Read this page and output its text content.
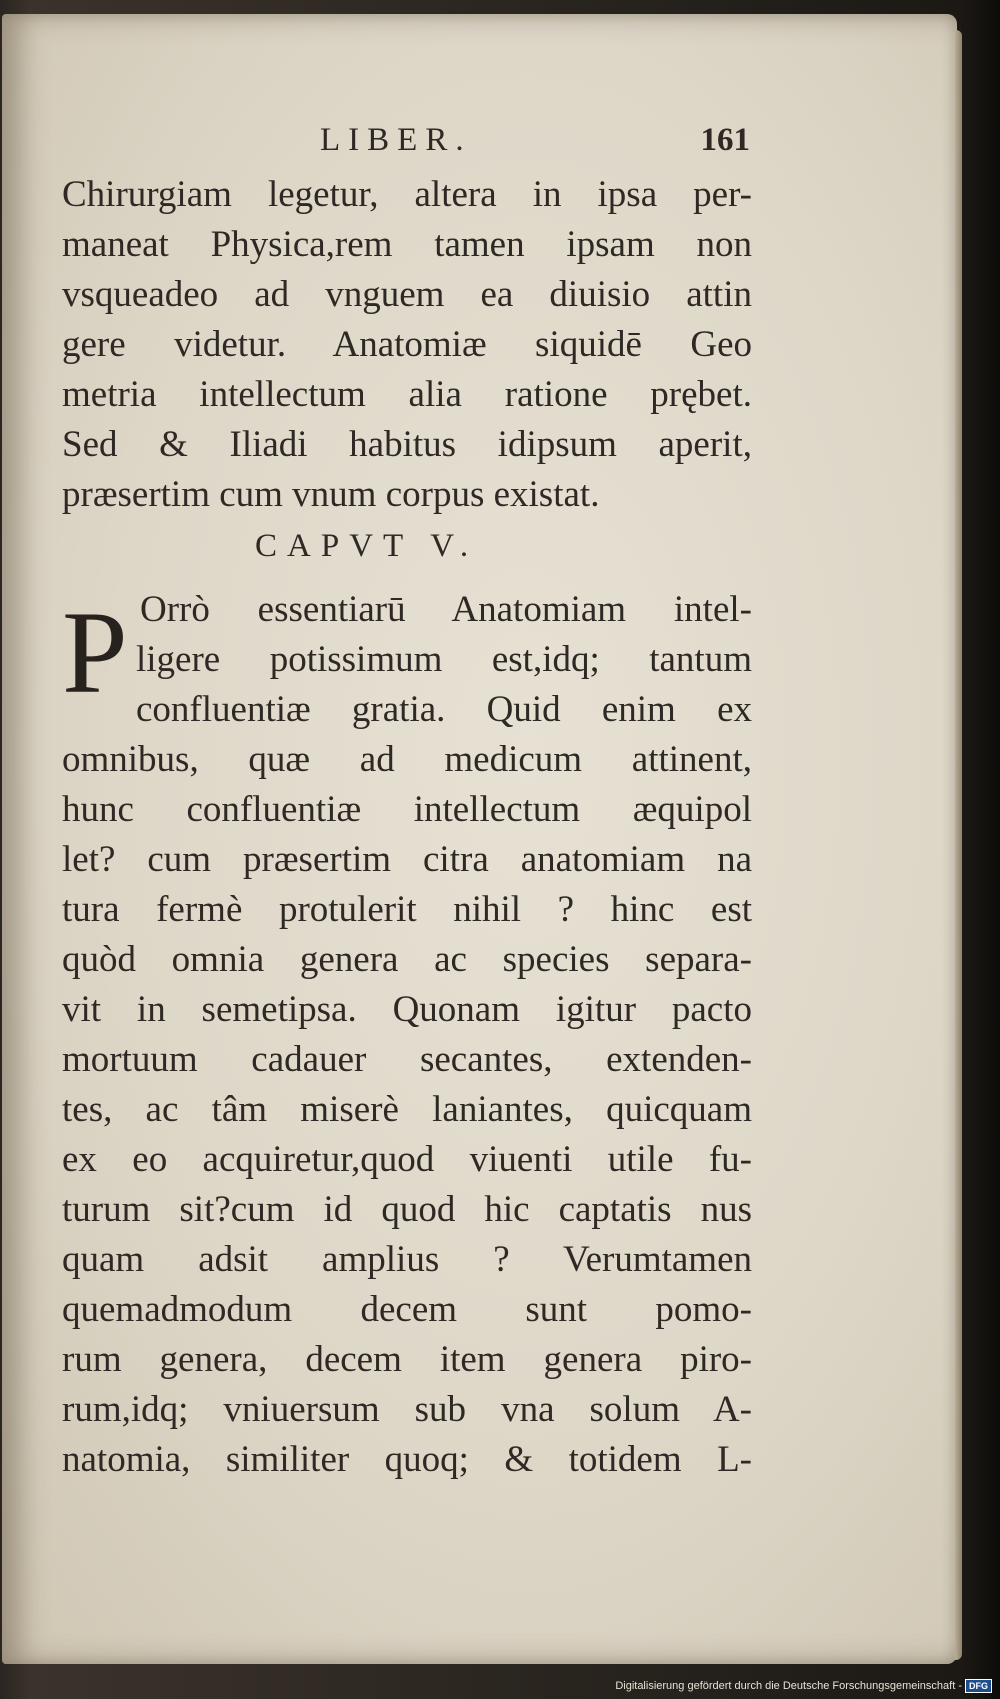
LIBER.	161
Chirurgiam legetur, altera in ipsa per-
maneat Physica,rem tamen ipsam non
vsqueadeo ad vnguem ea diuisio attin
gere videtur. Anatomiæ siquidē Geo
metria intellectum alia ratione prębet.
Sed & Iliadi habitus idipsum aperit,
præsertim cum vnum corpus existat.
CAPVT V.
P Orrò essentiarū Anatomiam intel-
ligere potissimum est,idq; tantum
confluentiæ gratia. Quid enim ex
omnibus, quæ ad medicum attinent,
hunc confluentiæ intellectum æquipol
let? cum præsertim citra anatomiam na
tura fermè protulerit nihil ? hinc est
quòd omnia genera ac species separa-
vit in semetipsa. Quonam igitur pacto
mortuum cadauer secantes, extenden-
tes, ac tâm miserè laniantes, quicquam
ex eo acquiretur,quod viuenti utile fu-
turum sit?cum id quod hic captatis nus
quam adsit amplius ? Verumtamen
quemadmodum decem sunt pomo-
rum genera, decem item genera piro-
rum,idq; vniuersum sub vna solum A-
natomia, similiter quoq; & totidem L-
Digitalisierung gefördert durch die Deutsche Forschungsgemeinschaft - DFG
